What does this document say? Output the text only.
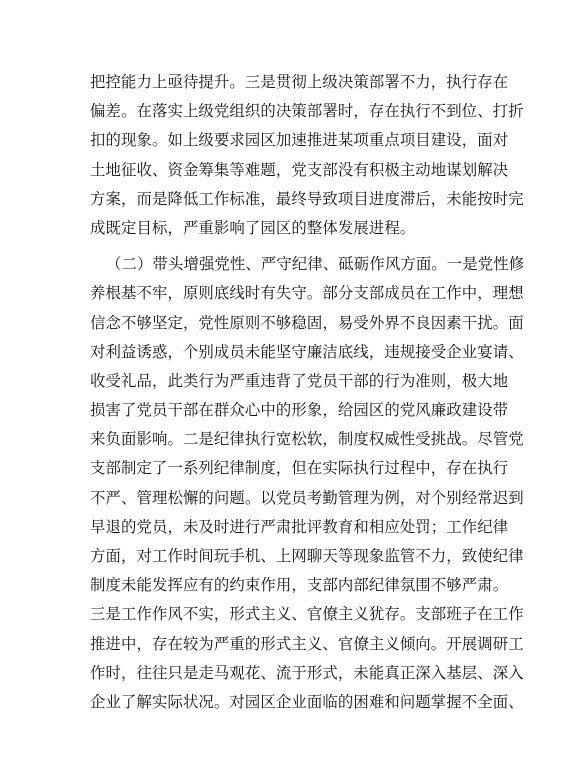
把控能力上亟待提升。三是贯彻上级决策部署不力，执行存在
偏差。在落实上级党组织的决策部署时，存在执行不到位、打折
扣的现象。如上级要求园区加速推进某项重点项目建设，面对
土地征收、资金筹集等难题，党支部没有积极主动地谋划解决
方案，而是降低工作标准，最终导致项目进度滞后，未能按时完
成既定目标，严重影响了园区的整体发展进程。
（二）带头增强党性、严守纪律、砥砺作风方面。一是党性修
养根基不牢，原则底线时有失守。部分支部成员在工作中，理想
信念不够坚定，党性原则不够稳固，易受外界不良因素干扰。面
对利益诱惑，个别成员未能坚守廉洁底线，违规接受企业宴请、
收受礼品，此类行为严重违背了党员干部的行为准则，极大地
损害了党员干部在群众心中的形象，给园区的党风廉政建设带
来负面影响。二是纪律执行宽松软，制度权威性受挑战。尽管党
支部制定了一系列纪律制度，但在实际执行过程中，存在执行
不严、管理松懈的问题。以党员考勤管理为例，对个别经常迟到
早退的党员，未及时进行严肃批评教育和相应处罚；工作纪律
方面，对工作时间玩手机、上网聊天等现象监管不力，致使纪律
制度未能发挥应有的约束作用，支部内部纪律氛围不够严肃。
三是工作作风不实，形式主义、官僚主义犹存。支部班子在工作
推进中，存在较为严重的形式主义、官僚主义倾向。开展调研工
作时，往往只是走马观花、流于形式，未能真正深入基层、深入
企业了解实际状况。对园区企业面临的困难和问题掌握不全面、
